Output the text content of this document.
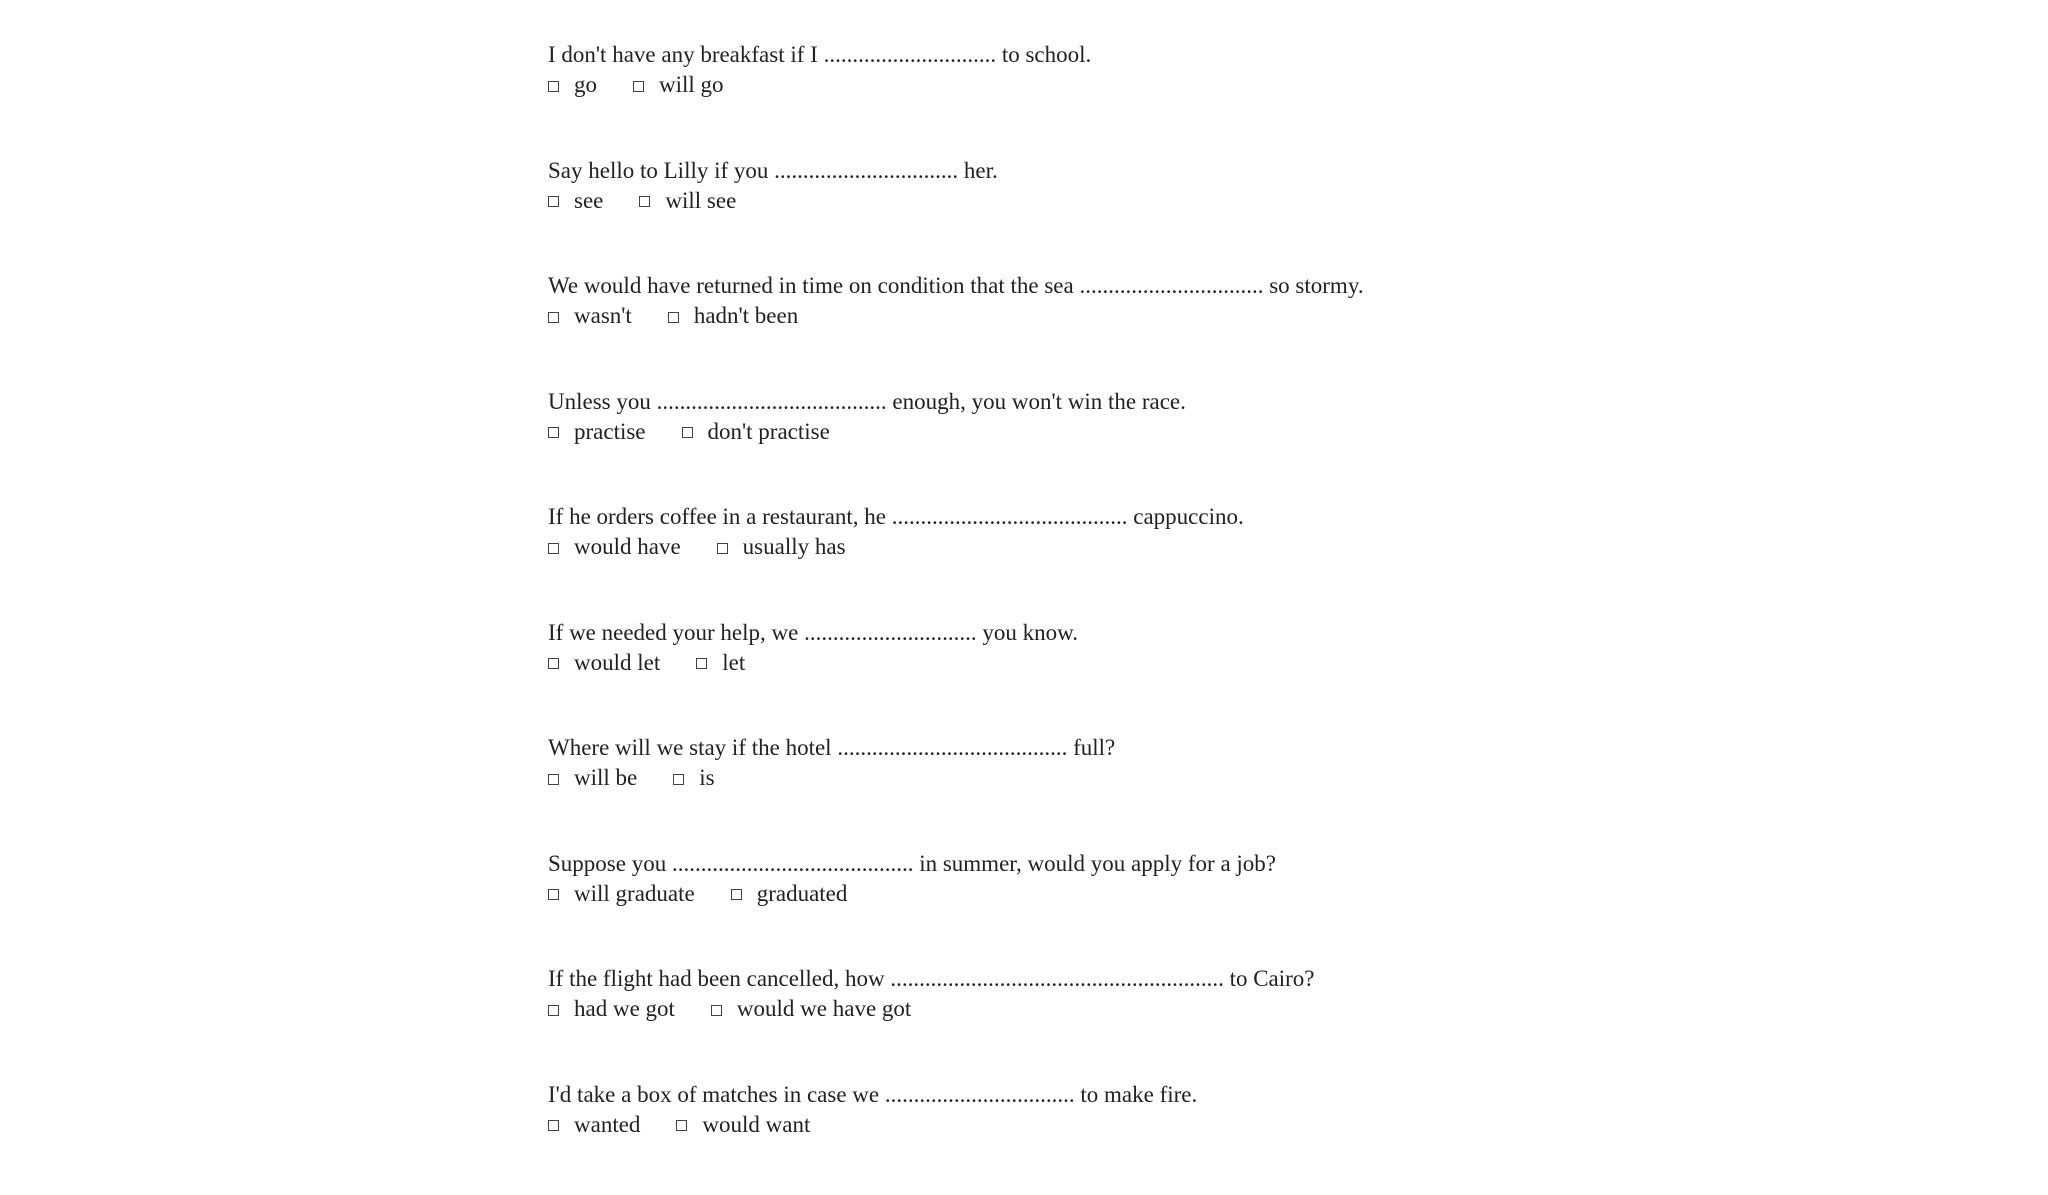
I don't have any breakfast if I .............................. to school.
go	will go
Say hello to Lilly if you ................................ her.
see	will see
We would have returned in time on condition that the sea ................................ so stormy.
wasn't	hadn't been
Unless you ........................................ enough, you won't win the race.
practise	don't practise
If he orders coffee in a restaurant, he ......................................... cappuccino.
would have	usually has
If we needed your help, we .............................. you know.
would let	let
Where will we stay if the hotel ........................................ full?
will be	is
Suppose you .......................................... in summer, would you apply for a job?
will graduate	graduated
If the flight had been cancelled, how .......................................................... to Cairo?
had we got	would we have got
I'd take a box of matches in case we ................................. to make fire.
wanted	would want
